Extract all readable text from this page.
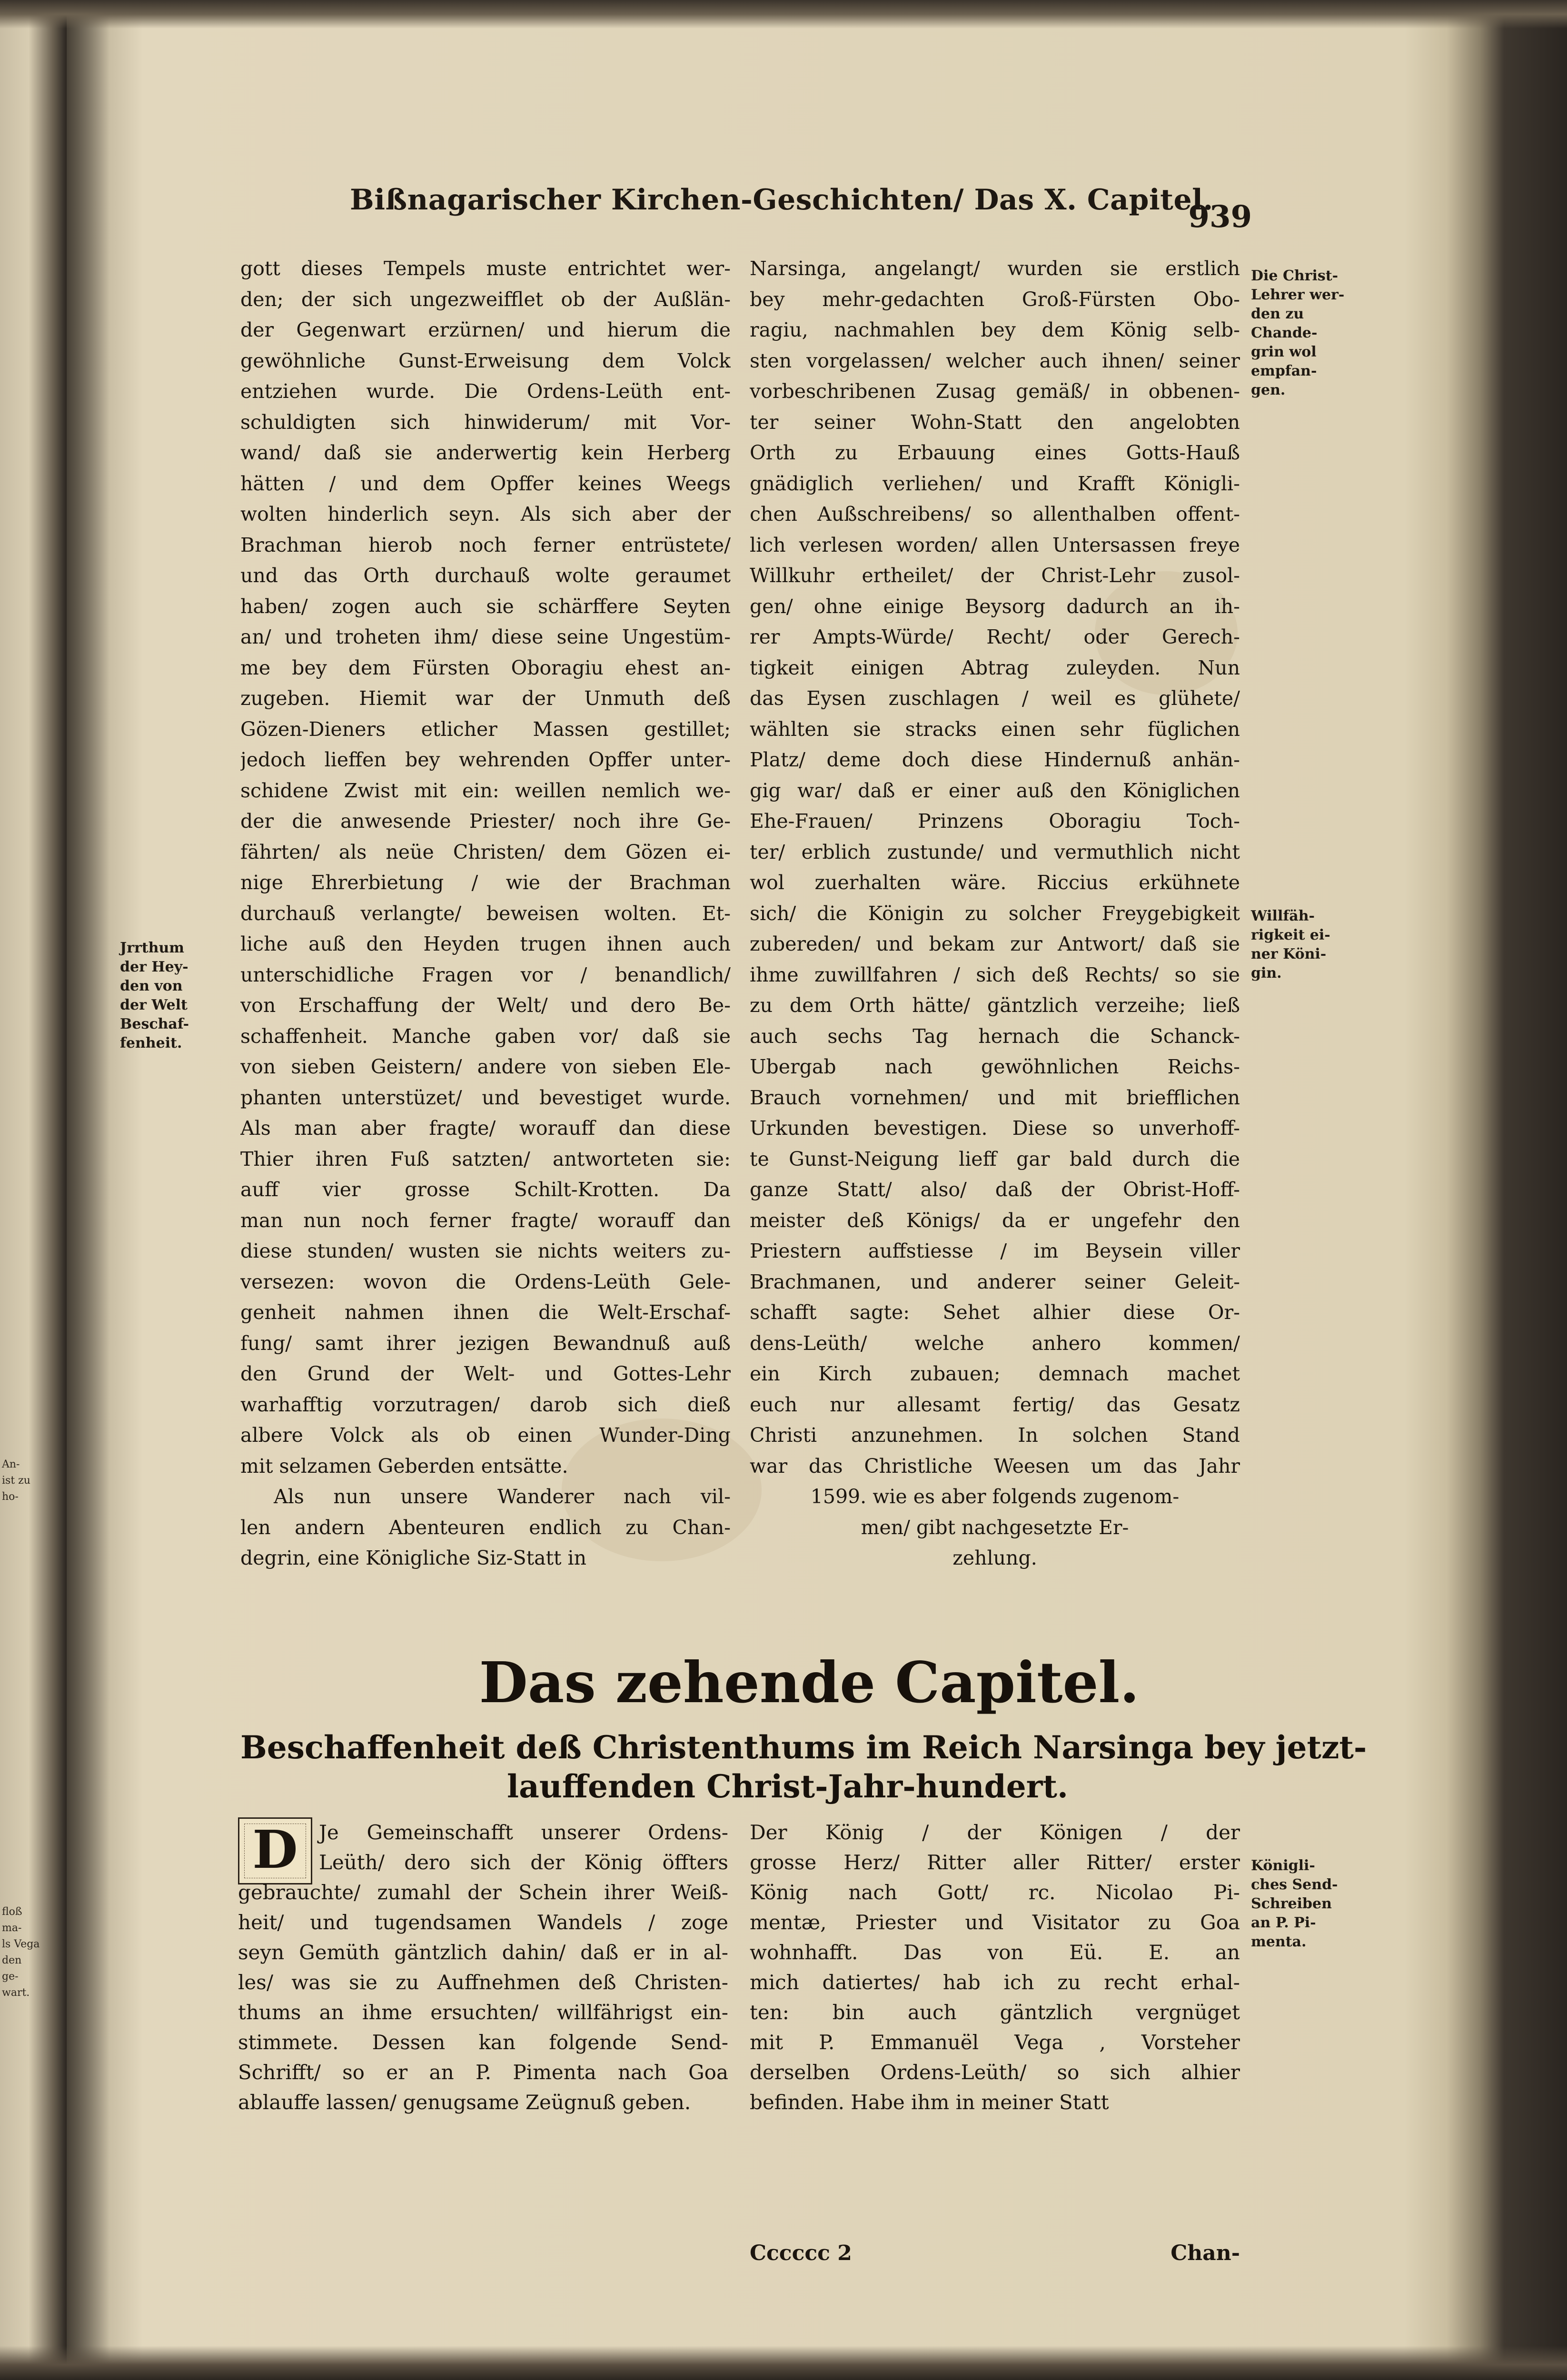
An-
ist zu
ho-
floß
ma-
ls Vega
den
ge-
wart.
Bißnagarischer Kirchen-Geschichten/ Das X. Capitel.
939
gott dieses Tempels muste entrichtet wer-
den; der sich ungezweifflet ob der Außlän-
der Gegenwart erzürnen/ und hierum die
gewöhnliche Gunst-Erweisung dem Volck
entziehen wurde. Die Ordens-Leüth ent-
schuldigten sich hinwiderum/ mit Vor-
wand/ daß sie anderwertig kein Herberg
hätten / und dem Opffer keines Weegs
wolten hinderlich seyn. Als sich aber der
Brachman hierob noch ferner entrüstete/
und das Orth durchauß wolte geraumet
haben/ zogen auch sie schärffere Seyten
an/ und troheten ihm/ diese seine Ungestüm-
me bey dem Fürsten Oboragiu ehest an-
zugeben. Hiemit war der Unmuth deß
Gözen-Dieners etlicher Massen gestillet;
jedoch lieffen bey wehrenden Opffer unter-
schidene Zwist mit ein: weillen nemlich we-
der die anwesende Priester/ noch ihre Ge-
fährten/ als neüe Christen/ dem Gözen ei-
nige Ehrerbietung / wie der Brachman
durchauß verlangte/ beweisen wolten. Et-
liche auß den Heyden trugen ihnen auch
unterschidliche Fragen vor / benandlich/
von Erschaffung der Welt/ und dero Be-
schaffenheit. Manche gaben vor/ daß sie
von sieben Geistern/ andere von sieben Ele-
phanten unterstüzet/ und bevestiget wurde.
Als man aber fragte/ worauff dan diese
Thier ihren Fuß satzten/ antworteten sie:
auff vier grosse Schilt-Krotten. Da
man nun noch ferner fragte/ worauff dan
diese stunden/ wusten sie nichts weiters zu-
versezen: wovon die Ordens-Leüth Gele-
genheit nahmen ihnen die Welt-Erschaf-
fung/ samt ihrer jezigen Bewandnuß auß
den Grund der Welt- und Gottes-Lehr
warhafftig vorzutragen/ darob sich dieß
albere Volck als ob einen Wunder-Ding
mit selzamen Geberden entsätte.
Als nun unsere Wanderer nach vil-
len andern Abenteuren endlich zu Chan-
degrin, eine Königliche Siz-Statt in
Narsinga, angelangt/ wurden sie erstlich
bey mehr-gedachten Groß-Fürsten Obo-
ragiu, nachmahlen bey dem König selb-
sten vorgelassen/ welcher auch ihnen/ seiner
vorbeschribenen Zusag gemäß/ in obbenen-
ter seiner Wohn-Statt den angelobten
Orth zu Erbauung eines Gotts-Hauß
gnädiglich verliehen/ und Krafft Königli-
chen Außschreibens/ so allenthalben offent-
lich verlesen worden/ allen Untersassen freye
Willkuhr ertheilet/ der Christ-Lehr zusol-
gen/ ohne einige Beysorg dadurch an ih-
rer Ampts-Würde/ Recht/ oder Gerech-
tigkeit einigen Abtrag zuleyden. Nun
das Eysen zuschlagen / weil es glühete/
wählten sie stracks einen sehr füglichen
Platz/ deme doch diese Hindernuß anhän-
gig war/ daß er einer auß den Königlichen
Ehe-Frauen/ Prinzens Oboragiu Toch-
ter/ erblich zustunde/ und vermuthlich nicht
wol zuerhalten wäre. Riccius erkühnete
sich/ die Königin zu solcher Freygebigkeit
zubereden/ und bekam zur Antwort/ daß sie
ihme zuwillfahren / sich deß Rechts/ so sie
zu dem Orth hätte/ gäntzlich verzeihe; ließ
auch sechs Tag hernach die Schanck-
Ubergab nach gewöhnlichen Reichs-
Brauch vornehmen/ und mit briefflichen
Urkunden bevestigen. Diese so unverhoff-
te Gunst-Neigung lieff gar bald durch die
ganze Statt/ also/ daß der Obrist-Hoff-
meister deß Königs/ da er ungefehr den
Priestern auffstiesse / im Beysein viller
Brachmanen, und anderer seiner Geleit-
schafft sagte: Sehet alhier diese Or-
dens-Leüth/ welche anhero kommen/
ein Kirch zubauen; demnach machet
euch nur allesamt fertig/ das Gesatz
Christi anzunehmen. In solchen Stand
war das Christliche Weesen um das Jahr
1599. wie es aber folgends zugenom-
men/ gibt nachgesetzte Er-
zehlung.
Jrrthum
der Hey-
den von
der Welt
Beschaf-
fenheit.
Die Christ-
Lehrer wer-
den zu
Chande-
grin wol
empfan-
gen.
Willfäh-
rigkeit ei-
ner Köni-
gin.
Königli-
ches Send-
Schreiben
an P. Pi-
menta.
Das zehende Capitel.
Beschaffenheit deß Christenthums im Reich Narsinga bey jetzt-
lauffenden Christ-Jahr-hundert.
D	Je Gemeinschafft unserer Ordens-
Leüth/ dero sich der König öffters
gebrauchte/ zumahl der Schein ihrer Weiß-
heit/ und tugendsamen Wandels / zoge
seyn Gemüth gäntzlich dahin/ daß er in al-
les/ was sie zu Auffnehmen deß Christen-
thums an ihme ersuchten/ willfährigst ein-
stimmete. Dessen kan folgende Send-
Schrifft/ so er an P. Pimenta nach Goa
ablauffe lassen/ genugsame Zeügnuß geben.
Der König / der Königen / der
grosse Herz/ Ritter aller Ritter/ erster
König nach Gott/ rc. Nicolao Pi-
mentæ, Priester und Visitator zu Goa
wohnhafft. Das von Eü. E. an
mich datiertes/ hab ich zu recht erhal-
ten: bin auch gäntzlich vergnüget
mit P. Emmanuël Vega , Vorsteher
derselben Ordens-Leüth/ so sich alhier
befinden. Habe ihm in meiner Statt
Cccccc 2	Chan-
